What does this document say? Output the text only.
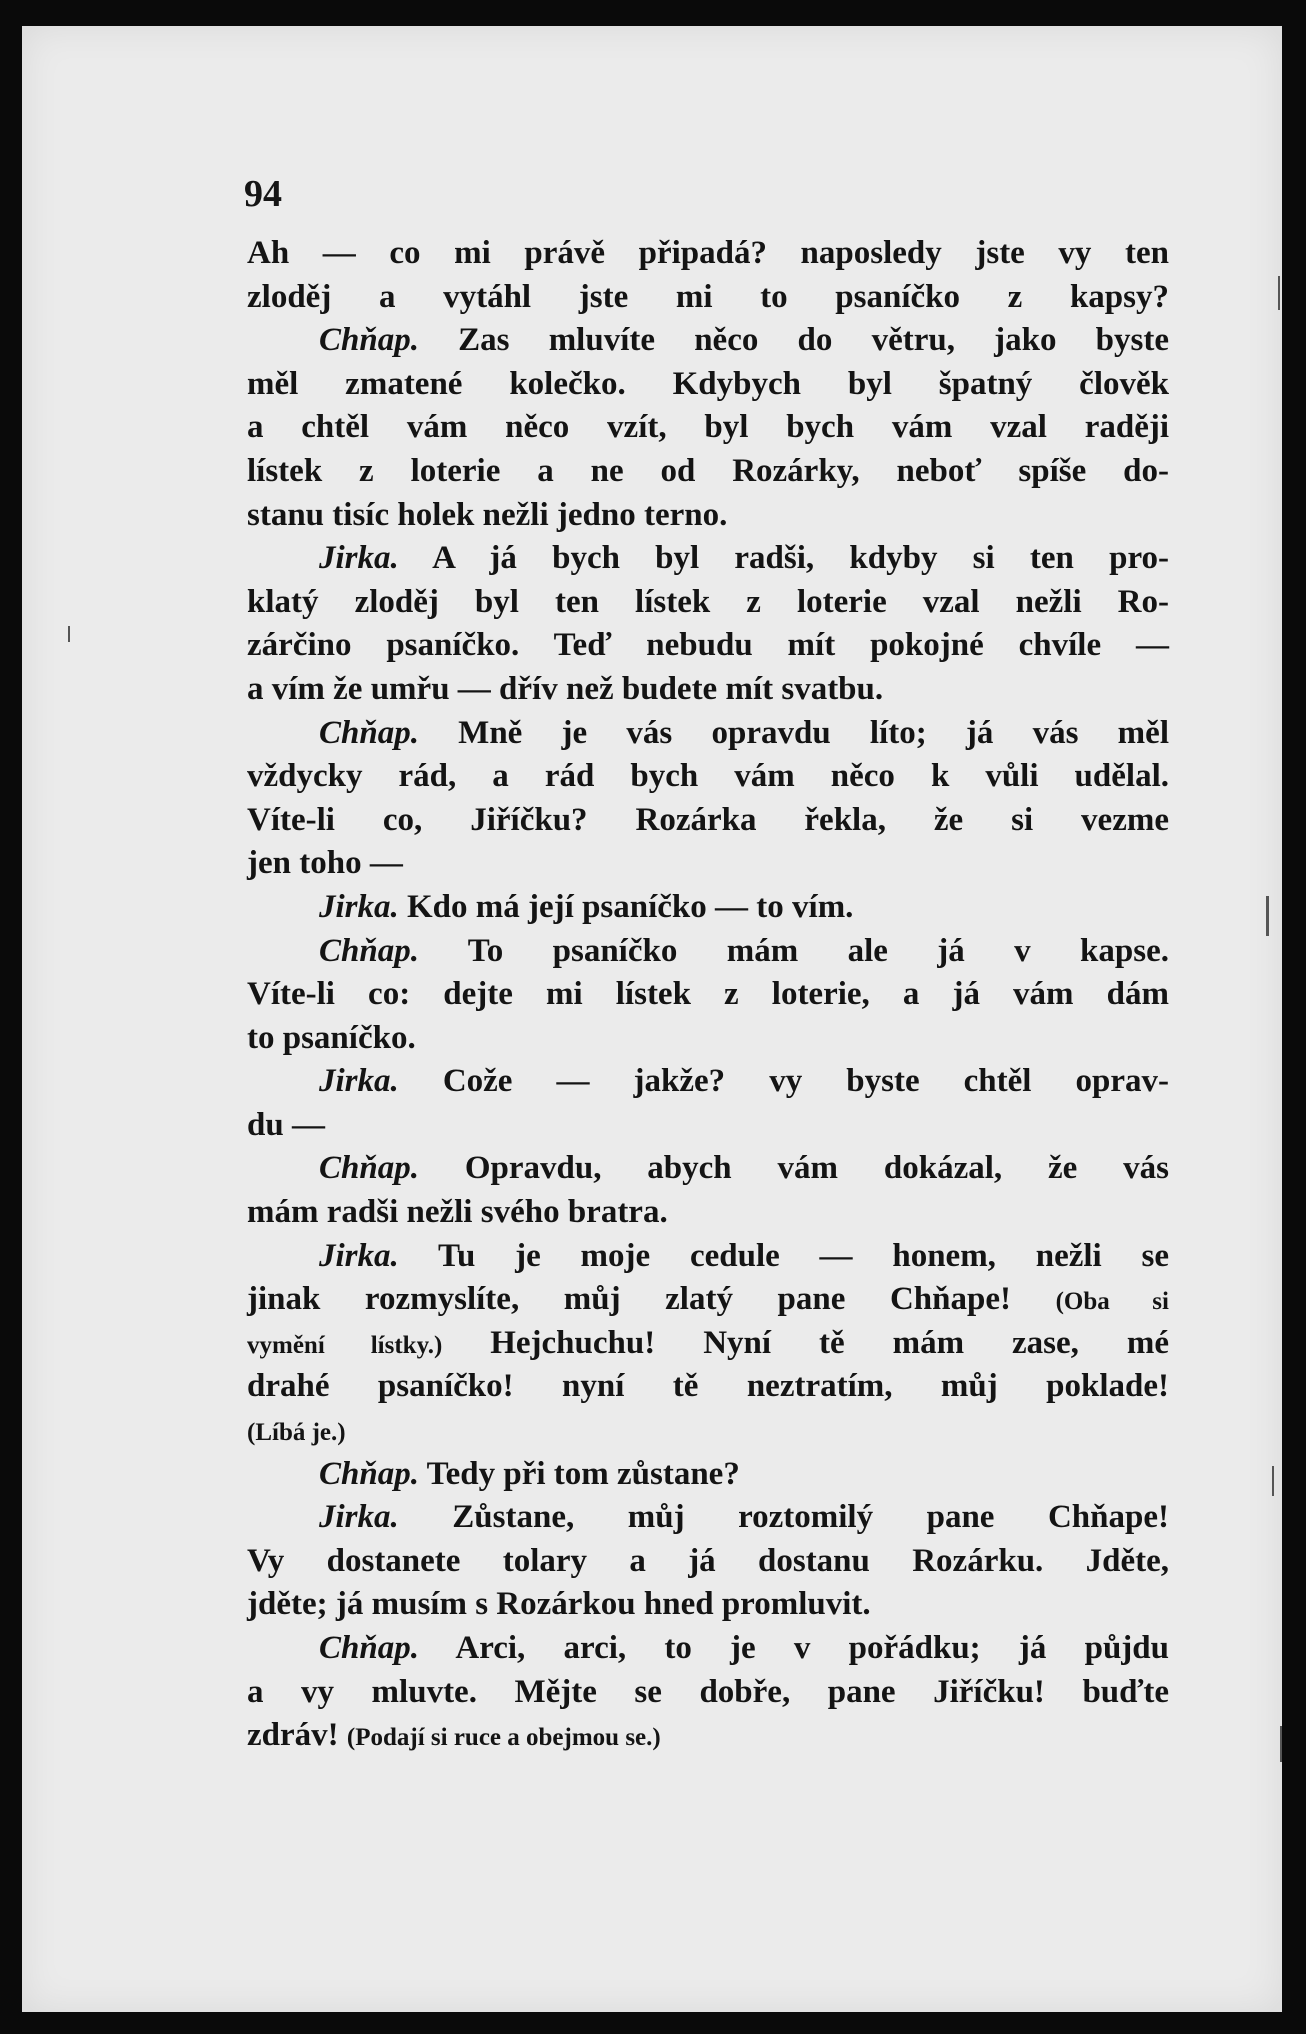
94
Ah — co mi právě připadá? naposledy jste vy ten
zloděj a vytáhl jste mi to psaníčko z kapsy?
Chňap. Zas mluvíte něco do větru, jako byste
měl zmatené kolečko. Kdybych byl špatný člověk
a chtěl vám něco vzít, byl bych vám vzal raději
lístek z loterie a ne od Rozárky, neboť spíše do-
stanu tisíc holek nežli jedno terno.
Jirka. A já bych byl radši, kdyby si ten pro-
klatý zloděj byl ten lístek z loterie vzal nežli Ro-
zárčino psaníčko. Teď nebudu mít pokojné chvíle —
a vím že umřu — dřív než budete mít svatbu.
Chňap. Mně je vás opravdu líto; já vás měl
vždycky rád, a rád bych vám něco k vůli udělal.
Víte-li co, Jiříčku? Rozárka řekla, že si vezme
jen toho —
Jirka. Kdo má její psaníčko — to vím.
Chňap. To psaníčko mám ale já v kapse.
Víte-li co: dejte mi lístek z loterie, a já vám dám
to psaníčko.
Jirka. Cože — jakže? vy byste chtěl oprav-
du —
Chňap. Opravdu, abych vám dokázal, že vás
mám radši nežli svého bratra.
Jirka. Tu je moje cedule — honem, nežli se
jinak rozmyslíte, můj zlatý pane Chňape! (Oba si
vymění lístky.) Hejchuchu! Nyní tě mám zase, mé
drahé psaníčko! nyní tě neztratím, můj poklade!
(Líbá je.)
Chňap. Tedy při tom zůstane?
Jirka. Zůstane, můj roztomilý pane Chňape!
Vy dostanete tolary a já dostanu Rozárku. Jděte,
jděte; já musím s Rozárkou hned promluvit.
Chňap. Arci, arci, to je v pořádku; já půjdu
a vy mluvte. Mějte se dobře, pane Jiříčku! buďte
zdráv! (Podají si ruce a obejmou se.)
